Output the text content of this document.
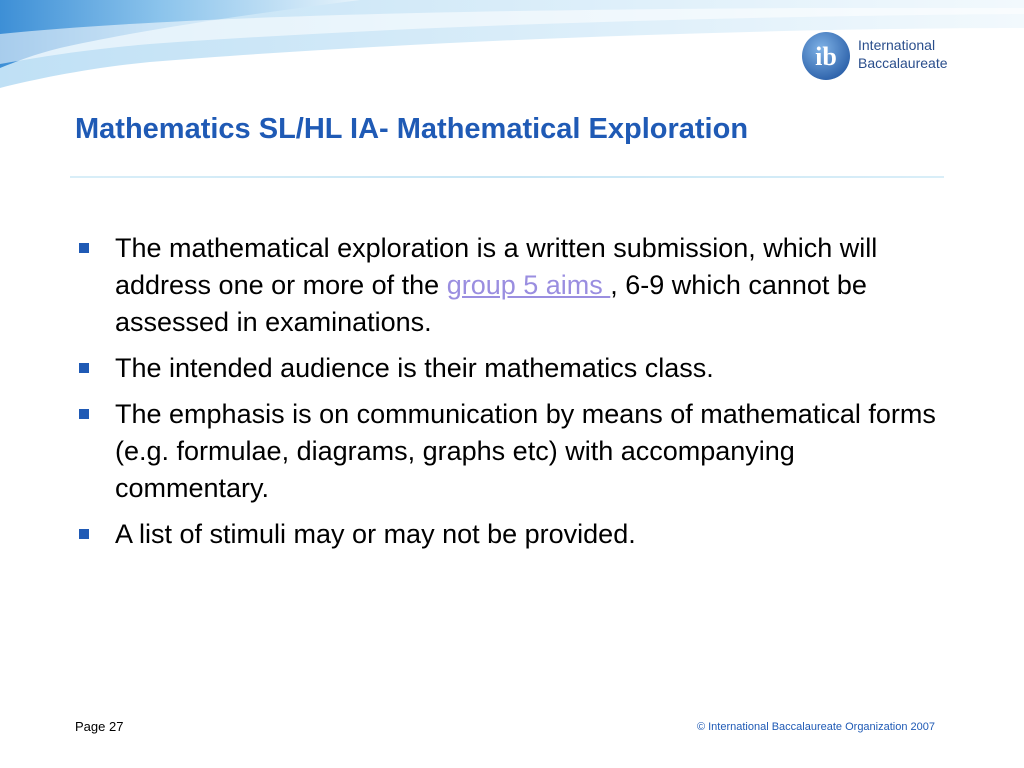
ib International
Baccalaureate
Mathematics SL/HL IA- Mathematical Exploration
The mathematical exploration is a written submission, which will address one or more of the group 5 aims , 6-9 which cannot be assessed in examinations.
The intended audience is their mathematics class.
The emphasis is on communication by means of mathematical forms (e.g. formulae, diagrams, graphs etc) with accompanying commentary.
A list of stimuli may or may not be provided.
Page 27	© International Baccalaureate Organization 2007
